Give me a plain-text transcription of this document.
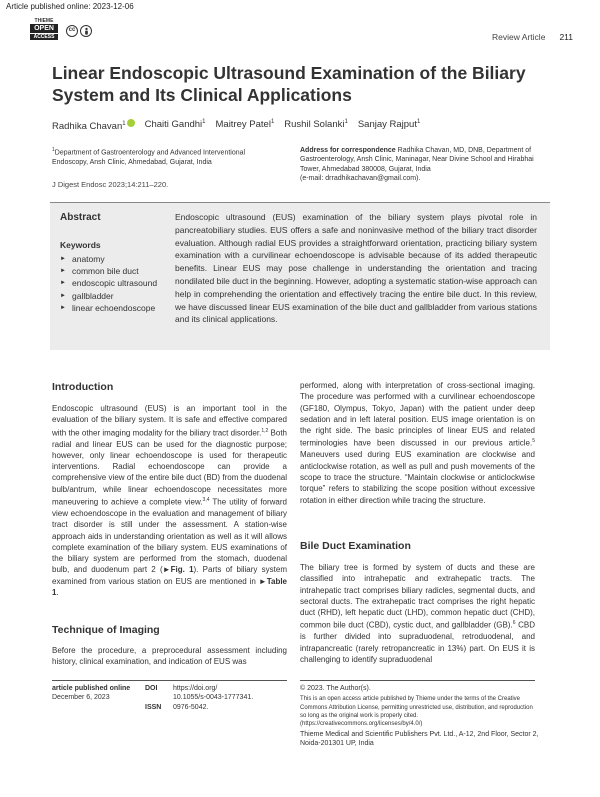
Article published online: 2023-12-06
THIEME
OPEN
ACCESS
cc
Review Article 211
Linear Endoscopic Ultrasound Examination of the Biliary System and Its Clinical Applications
Radhika Chavan$^1$	Chaiti Gandhi$^1$ Maitrey Patel$^1$ Rushil Solanki$^1$ Sanjay Rajput$^1$
$^1$Department of Gastroenterology and Advanced Interventional Endoscopy, Ansh Clinic, Ahmedabad, Gujarat, India
Address for correspondence Radhika Chavan, MD, DNB, Department of Gastroenterology, Ansh Clinic, Maninagar, Near Divine School and Hirabhai Tower, Ahmedabad 380008, Gujarat, India
(e-mail: drradhikachavan@gmail.com).
J Digest Endosc 2023;14:211–220.
Abstract
Keywords
► anatomy
► common bile duct
► endoscopic ultrasound
► gallbladder
► linear echoendoscope

Endoscopic ultrasound (EUS) examination of the biliary system plays pivotal role in pancreatobiliary studies. EUS offers a safe and noninvasive method of the biliary tract disorder evaluation. Although radial EUS provides a straightforward orientation, practicing biliary system examination with a curvilinear echoendoscope is advisable because of its added therapeutic benefits. Linear EUS may pose challenge in understanding the orientation and tracing nondilated bile duct in the beginning. However, adopting a systematic station-wise approach can help in comprehending the orientation and effectively tracing the entire bile duct. In this review, we have discussed linear EUS examination of the bile duct and gallbladder from various stations and its clinical applications.

Introduction

Endoscopic ultrasound (EUS) is an important tool in the evaluation of the biliary system. It is safe and effective compared with the other imaging modality for the biliary tract disorder.$^{1,2}$ Both radial and linear EUS can be used for the diagnostic purpose; however, only linear echoendoscope is used for therapeutic interventions. Radial echoendoscope can provide a comprehensive view of the entire bile duct (BD) from the duodenal bulb/antrum, while linear echoendoscope necessitates more maneuvering to achieve a complete view.$^{3,4}$ The utility of forward view echoendoscope in the evaluation and management of biliary tract disorder is still under the assessment. A station-wise approach aids in understanding orientation as well as it will allows complete examination of the biliary system. EUS examinations of the biliary system are performed from the stomach, duodenal bulb, and duodenum part 2 (►Fig. 1). Parts of biliary system examined from various station on EUS are mentioned in ►Table 1.

Technique of Imaging

Before the procedure, a preprocedural assessment including history, clinical examination, and indication of EUS was

performed, along with interpretation of cross-sectional imaging. The procedure was performed with a curvilinear echoendoscope (GF180, Olympus, Tokyo, Japan) with the patient under deep sedation and in left lateral position. EUS image orientation is on the right side. The basic principles of linear EUS and related terminologies have been discussed in our previous article.$^5$ Maneuvers used during EUS examination are clockwise and anticlockwise rotation, as well as pull and push movements of the scope to trace the structure. “Maintain clockwise or anticlockwise torque” refers to stabilizing the scope position without excessive rotation in either direction while tracing the structure.

Bile Duct Examination

The biliary tree is formed by system of ducts and these are classified into intrahepatic and extrahepatic tracts. The intrahepatic tract comprises biliary radicles, segmental ducts, and sectoral ducts. The extrahepatic tract comprises the right hepatic duct (RHD), left hepatic duct (LHD), common hepatic duct (CHD), common bile duct (CBD), cystic duct, and gallbladder (GB).$^6$ CBD is further divided into supraduodenal, retroduodenal, and intrapancreatic (rarely retropancreatic in 13%) part. On EUS it is challenging to identify supraduodenal

article published online
December 6, 2023
DOI	https://doi.org/
10.1055/s-0043-1777341.
ISSN	0976-5042.
© 2023. The Author(s).
This is an open access article published by Thieme under the terms of the Creative Commons Attribution License, permitting unrestricted use, distribution, and reproduction so long as the original work is properly cited. (https://creativecommons.org/licenses/by/4.0/)
Thieme Medical and Scientific Publishers Pvt. Ltd., A-12, 2nd Floor, Sector 2, Noida-201301 UP, India
